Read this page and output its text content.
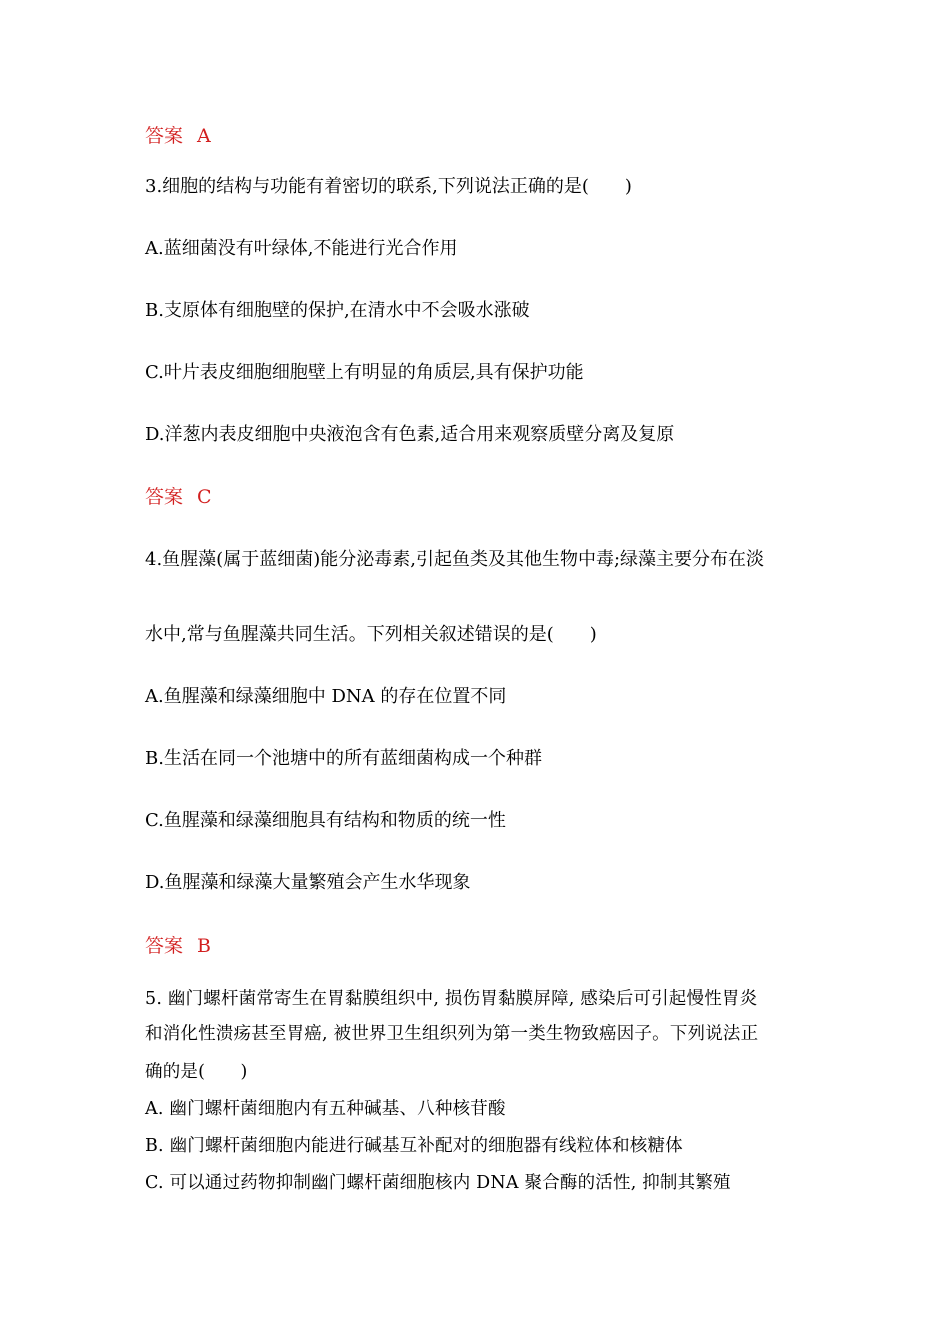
答案 A
3.细胞的结构与功能有着密切的联系,下列说法正确的是(　　)
A.蓝细菌没有叶绿体,不能进行光合作用
B.支原体有细胞壁的保护,在清水中不会吸水涨破
C.叶片表皮细胞细胞壁上有明显的角质层,具有保护功能
D.洋葱内表皮细胞中央液泡含有色素,适合用来观察质壁分离及复原
答案 C
4.鱼腥藻(属于蓝细菌)能分泌毒素,引起鱼类及其他生物中毒;绿藻主要分布在淡
水中,常与鱼腥藻共同生活。下列相关叙述错误的是(　　)
A.鱼腥藻和绿藻细胞中 DNA 的存在位置不同
B.生活在同一个池塘中的所有蓝细菌构成一个种群
C.鱼腥藻和绿藻细胞具有结构和物质的统一性
D.鱼腥藻和绿藻大量繁殖会产生水华现象
答案 B
5. 幽门螺杆菌常寄生在胃黏膜组织中, 损伤胃黏膜屏障, 感染后可引起慢性胃炎
和消化性溃疡甚至胃癌, 被世界卫生组织列为第一类生物致癌因子。下列说法正
确的是(　　)
A. 幽门螺杆菌细胞内有五种碱基、八种核苷酸
B. 幽门螺杆菌细胞内能进行碱基互补配对的细胞器有线粒体和核糖体
C. 可以通过药物抑制幽门螺杆菌细胞核内 DNA 聚合酶的活性, 抑制其繁殖
